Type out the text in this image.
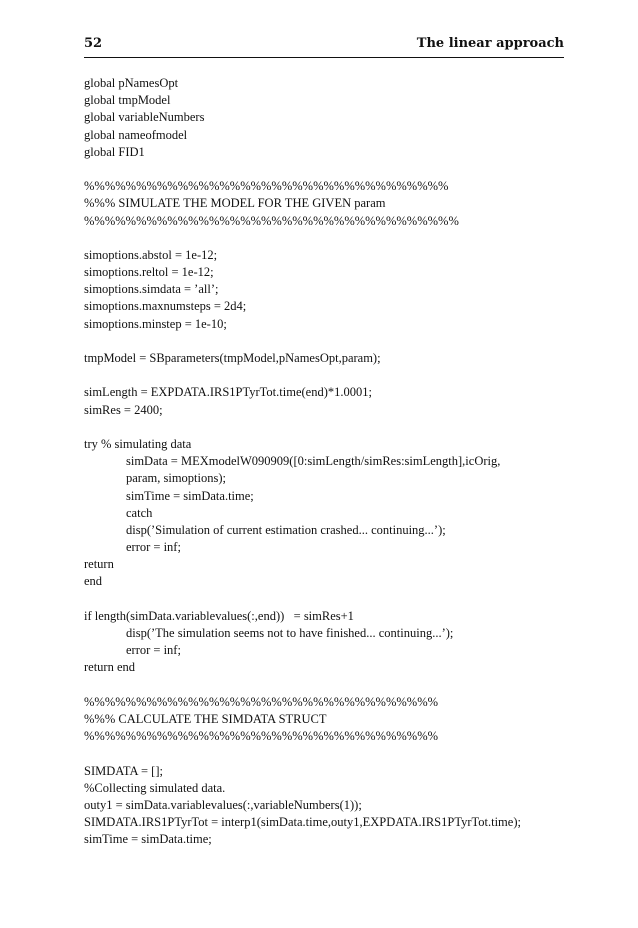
52	The linear approach
global pNamesOpt
global tmpModel
global variableNumbers
global nameofmodel
global FID1
%%%%%%%%%%%%%%%%%%%%%%%%%%%%%%%%%%%
%%% SIMULATE THE MODEL FOR THE GIVEN param
%%%%%%%%%%%%%%%%%%%%%%%%%%%%%%%%%%%%
simoptions.abstol = 1e-12;
simoptions.reltol = 1e-12;
simoptions.simdata = ’all’;
simoptions.maxnumsteps = 2d4;
simoptions.minstep = 1e-10;
tmpModel = SBparameters(tmpModel,pNamesOpt,param);
simLength = EXPDATA.IRS1PTyrTot.time(end)*1.0001;
simRes = 2400;
try % simulating data
simData = MEXmodelW090909([0:simLength/simRes:simLength],icOrig,
param, simoptions);
simTime = simData.time;
catch
disp(’Simulation of current estimation crashed... continuing...’);
error = inf;
return
end
if length(simData.variablevalues(:,end))   = simRes+1
disp(’The simulation seems not to have finished... continuing...’);
error = inf;
return end
%%%%%%%%%%%%%%%%%%%%%%%%%%%%%%%%%%
%%% CALCULATE THE SIMDATA STRUCT
%%%%%%%%%%%%%%%%%%%%%%%%%%%%%%%%%%
SIMDATA = [];
%Collecting simulated data.
outy1 = simData.variablevalues(:,variableNumbers(1));
SIMDATA.IRS1PTyrTot = interp1(simData.time,outy1,EXPDATA.IRS1PTyrTot.time);
simTime = simData.time;
